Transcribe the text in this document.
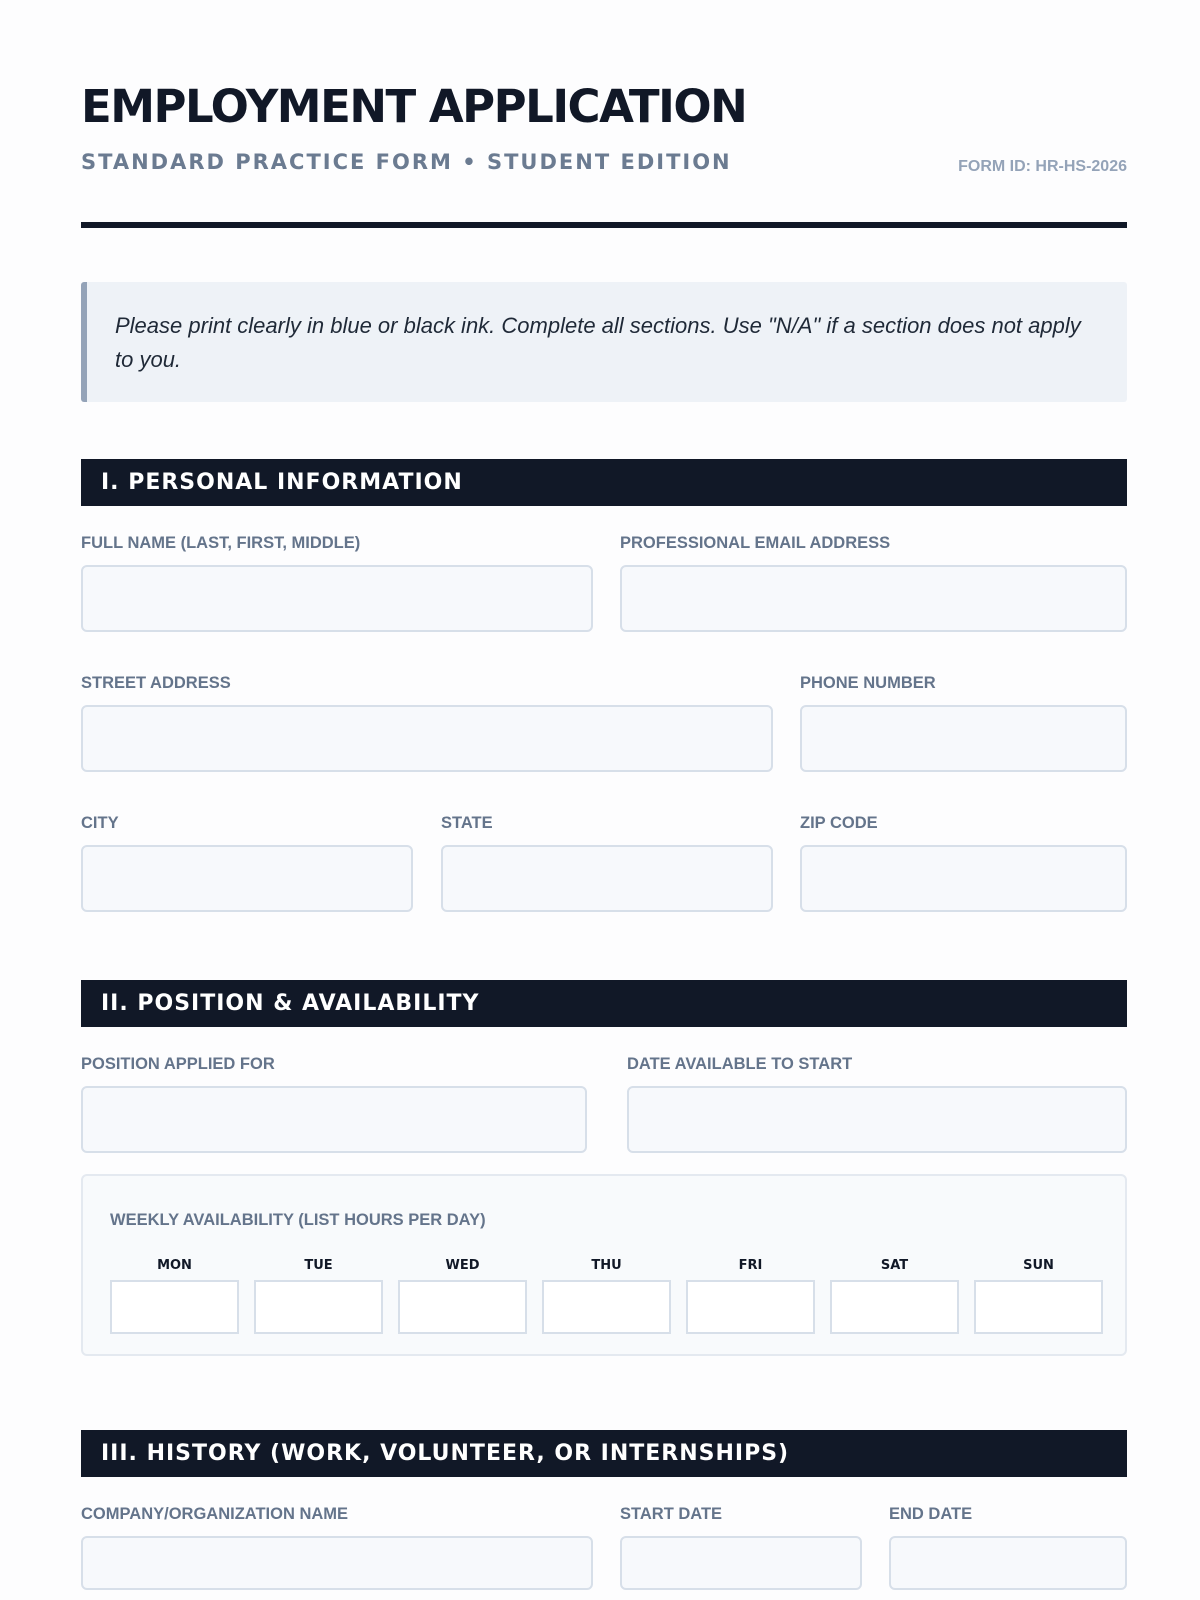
EMPLOYMENT APPLICATION
STANDARD PRACTICE FORM • STUDENT EDITION	FORM ID: HR-HS-2026
Please print clearly in blue or black ink. Complete all sections. Use "N/A" if a section does not apply to you.
I. PERSONAL INFORMATION
FULL NAME (LAST, FIRST, MIDDLE)	PROFESSIONAL EMAIL ADDRESS
STREET ADDRESS	PHONE NUMBER
CITY	STATE	ZIP CODE
II. POSITION & AVAILABILITY
POSITION APPLIED FOR	DATE AVAILABLE TO START
WEEKLY AVAILABILITY (LIST HOURS PER DAY)
MON	TUE	WED	THU	FRI	SAT	SUN
III. HISTORY (WORK, VOLUNTEER, OR INTERNSHIPS)
COMPANY/ORGANIZATION NAME	START DATE	END DATE
